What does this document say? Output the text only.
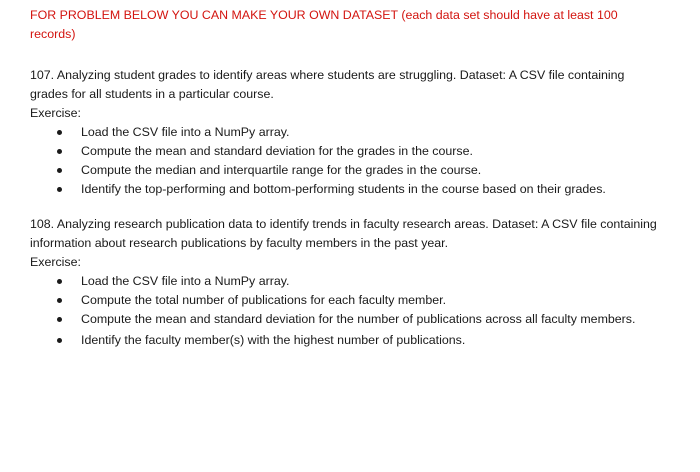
FOR PROBLEM BELOW YOU CAN MAKE YOUR OWN DATASET (each data set should have at least 100 records)

107. Analyzing student grades to identify areas where students are struggling. Dataset: A CSV file containing grades for all students in a particular course.

Exercise:

Load the CSV file into a NumPy array.
Compute the mean and standard deviation for the grades in the course.
Compute the median and interquartile range for the grades in the course.
Identify the top-performing and bottom-performing students in the course based on their grades.

108. Analyzing research publication data to identify trends in faculty research areas. Dataset: A CSV file containing information about research publications by faculty members in the past year.

Exercise:

Load the CSV file into a NumPy array.
Compute the total number of publications for each faculty member.
Compute the mean and standard deviation for the number of publications across all faculty members.
Identify the faculty member(s) with the highest number of publications.
